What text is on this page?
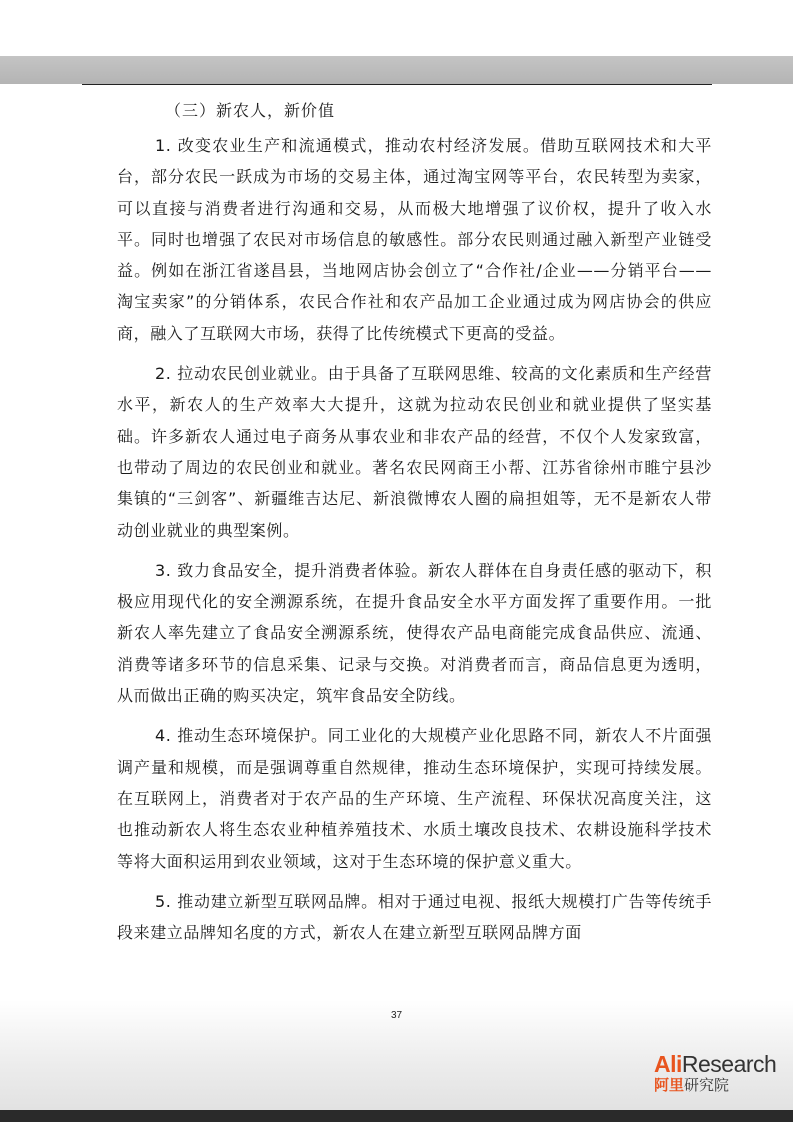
（三）新农人，新价值

1. 改变农业生产和流通模式，推动农村经济发展。借助互联网技术和大平台，部分农民一跃成为市场的交易主体，通过淘宝网等平台，农民转型为卖家，可以直接与消费者进行沟通和交易，从而极大地增强了议价权，提升了收入水平。同时也增强了农民对市场信息的敏感性。部分农民则通过融入新型产业链受益。例如在浙江省遂昌县，当地网店协会创立了“合作社/企业——分销平台——淘宝卖家”的分销体系，农民合作社和农产品加工企业通过成为网店协会的供应商，融入了互联网大市场，获得了比传统模式下更高的受益。

2. 拉动农民创业就业。由于具备了互联网思维、较高的文化素质和生产经营水平，新农人的生产效率大大提升，这就为拉动农民创业和就业提供了坚实基础。许多新农人通过电子商务从事农业和非农产品的经营，不仅个人发家致富，也带动了周边的农民创业和就业。著名农民网商王小帮、江苏省徐州市睢宁县沙集镇的“三剑客”、新疆维吉达尼、新浪微博农人圈的扁担姐等，无不是新农人带动创业就业的典型案例。

3. 致力食品安全，提升消费者体验。新农人群体在自身责任感的驱动下，积极应用现代化的安全溯源系统，在提升食品安全水平方面发挥了重要作用。一批新农人率先建立了食品安全溯源系统，使得农产品电商能完成食品供应、流通、消费等诸多环节的信息采集、记录与交换。对消费者而言，商品信息更为透明，从而做出正确的购买决定，筑牢食品安全防线。

4. 推动生态环境保护。同工业化的大规模产业化思路不同，新农人不片面强调产量和规模，而是强调尊重自然规律，推动生态环境保护，实现可持续发展。在互联网上，消费者对于农产品的生产环境、生产流程、环保状况高度关注，这也推动新农人将生态农业种植养殖技术、水质土壤改良技术、农耕设施科学技术等将大面积运用到农业领域，这对于生态环境的保护意义重大。

5. 推动建立新型互联网品牌。相对于通过电视、报纸大规模打广告等传统手段来建立品牌知名度的方式，新农人在建立新型互联网品牌方面

37
AliResearch
阿里研究院
